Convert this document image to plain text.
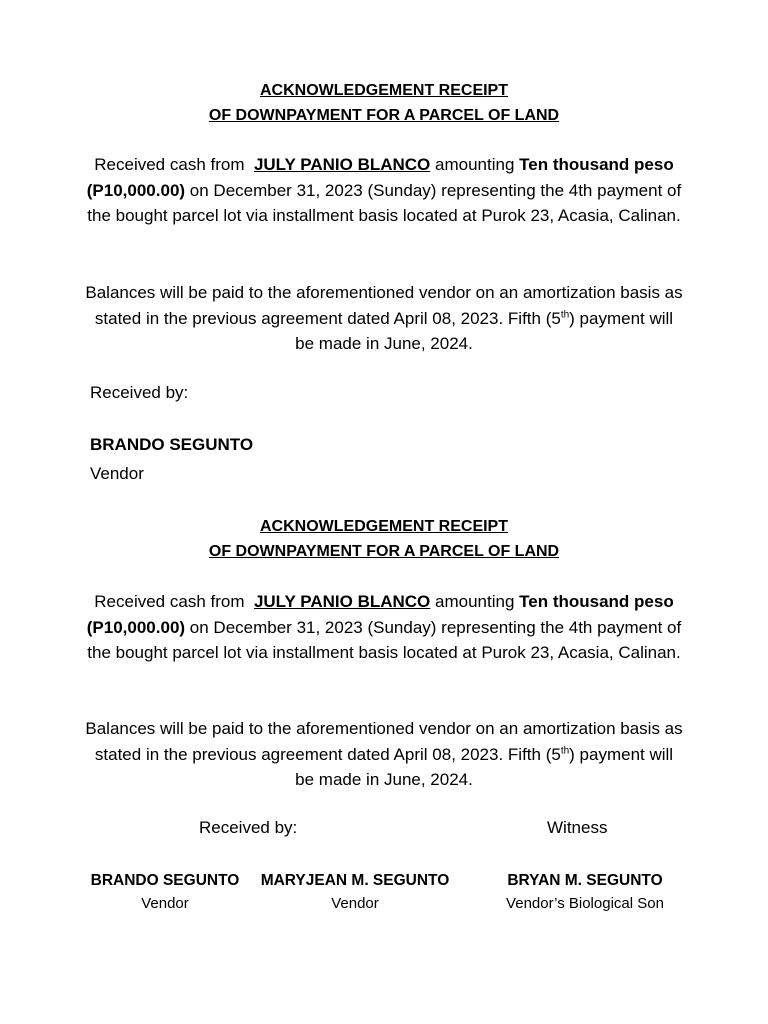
ACKNOWLEDGEMENT RECEIPT
OF DOWNPAYMENT FOR A PARCEL OF LAND
Received cash from JULY PANIO BLANCO amounting Ten thousand peso (P10,000.00) on December 31, 2023 (Sunday) representing the 4th payment of the bought parcel lot via installment basis located at Purok 23, Acasia, Calinan.
Balances will be paid to the aforementioned vendor on an amortization basis as stated in the previous agreement dated April 08, 2023. Fifth (5th) payment will be made in June, 2024.
Received by:
BRANDO SEGUNTO
Vendor
ACKNOWLEDGEMENT RECEIPT
OF DOWNPAYMENT FOR A PARCEL OF LAND
Received cash from JULY PANIO BLANCO amounting Ten thousand peso (P10,000.00) on December 31, 2023 (Sunday) representing the 4th payment of the bought parcel lot via installment basis located at Purok 23, Acasia, Calinan.
Balances will be paid to the aforementioned vendor on an amortization basis as stated in the previous agreement dated April 08, 2023. Fifth (5th) payment will be made in June, 2024.
Received by:	Witness
BRANDO SEGUNTO
Vendor
MARYJEAN M. SEGUNTO
Vendor
BRYAN M. SEGUNTO
Vendor’s Biological Son
